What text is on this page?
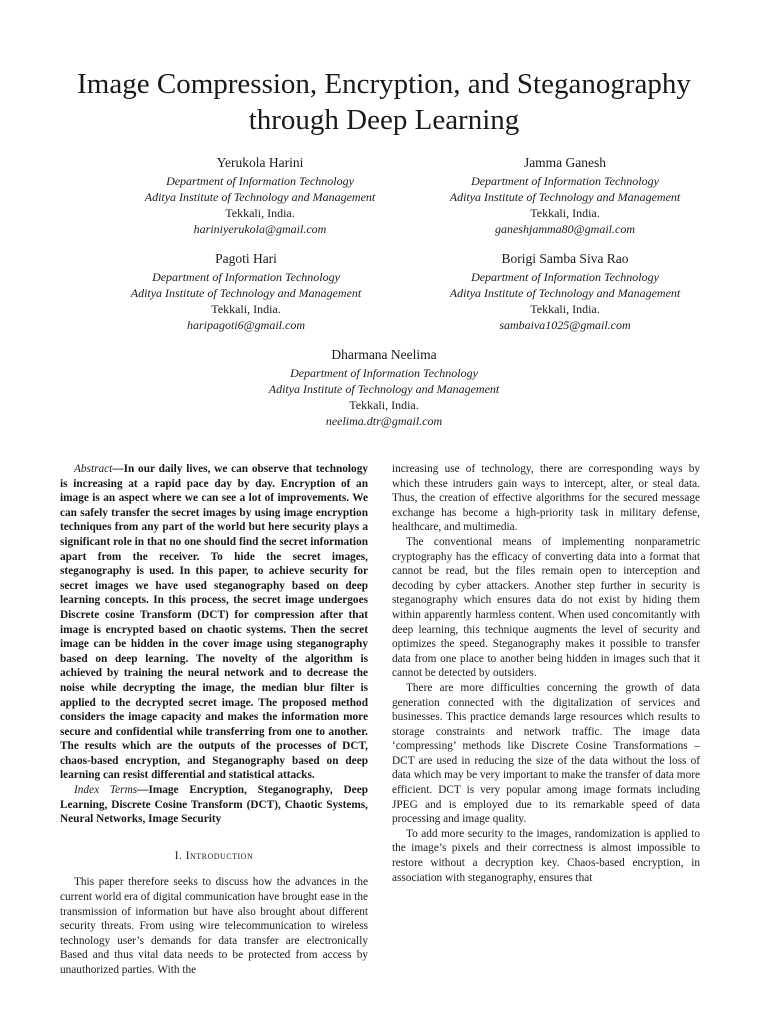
Image Compression, Encryption, and Steganography
through Deep Learning
Yerukola Harini
Department of Information Technology
Aditya Institute of Technology and Management
Tekkali, India.
hariniyerukola@gmail.com
Jamma Ganesh
Department of Information Technology
Aditya Institute of Technology and Management
Tekkali, India.
ganeshjamma80@gmail.com
Pagoti Hari
Department of Information Technology
Aditya Institute of Technology and Management
Tekkali, India.
haripagoti6@gmail.com
Borigi Samba Siva Rao
Department of Information Technology
Aditya Institute of Technology and Management
Tekkali, India.
sambaiva1025@gmail.com
Dharmana Neelima
Department of Information Technology
Aditya Institute of Technology and Management
Tekkali, India.
neelima.dtr@gmail.com

Abstract—In our daily lives, we can observe that technology is increasing at a rapid pace day by day. Encryption of an image is an aspect where we can see a lot of improvements. We can safely transfer the secret images by using image encryption techniques from any part of the world but here security plays a significant role in that no one should find the secret information apart from the receiver. To hide the secret images, steganography is used. In this paper, to achieve security for secret images we have used steganography based on deep learning concepts. In this process, the secret image undergoes Discrete cosine Transform (DCT) for compression after that image is encrypted based on chaotic systems. Then the secret image can be hidden in the cover image using steganography based on deep learning. The novelty of the algorithm is achieved by training the neural network and to decrease the noise while decrypting the image, the median blur filter is applied to the decrypted secret image. The proposed method considers the image capacity and makes the information more secure and confidential while transferring from one to another. The results which are the outputs of the processes of DCT, chaos-based encryption, and Steganography based on deep learning can resist differential and statistical attacks.

Index Terms—Image Encryption, Steganography, Deep Learning, Discrete Cosine Transform (DCT), Chaotic Systems, Neural Networks, Image Security

I. Introduction

This paper therefore seeks to discuss how the advances in the current world era of digital communication have brought ease in the transmission of information but have also brought about different security threats. From using wire telecommunication to wireless technology user’s demands for data transfer are electronically Based and thus vital data needs to be protected from access by unauthorized parties. With the

increasing use of technology, there are corresponding ways by which these intruders gain ways to intercept, alter, or steal data. Thus, the creation of effective algorithms for the secured message exchange has become a high-priority task in military defense, healthcare, and multimedia.

The conventional means of implementing nonparametric cryptography has the efficacy of converting data into a format that cannot be read, but the files remain open to interception and decoding by cyber attackers. Another step further in security is steganography which ensures data do not exist by hiding them within apparently harmless content. When used concomitantly with deep learning, this technique augments the level of security and optimizes the speed. Steganography makes it possible to transfer data from one place to another being hidden in images such that it cannot be detected by outsiders.

There are more difficulties concerning the growth of data generation connected with the digitalization of services and businesses. This practice demands large resources which results to storage constraints and network traffic. The image data ‘compressing’ methods like Discrete Cosine Transformations – DCT are used in reducing the size of the data without the loss of data which may be very important to make the transfer of data more efficient. DCT is very popular among image formats including JPEG and is employed due to its remarkable speed of data processing and image quality.

To add more security to the images, randomization is applied to the image’s pixels and their correctness is almost impossible to restore without a decryption key. Chaos-based encryption, in association with steganography, ensures that
